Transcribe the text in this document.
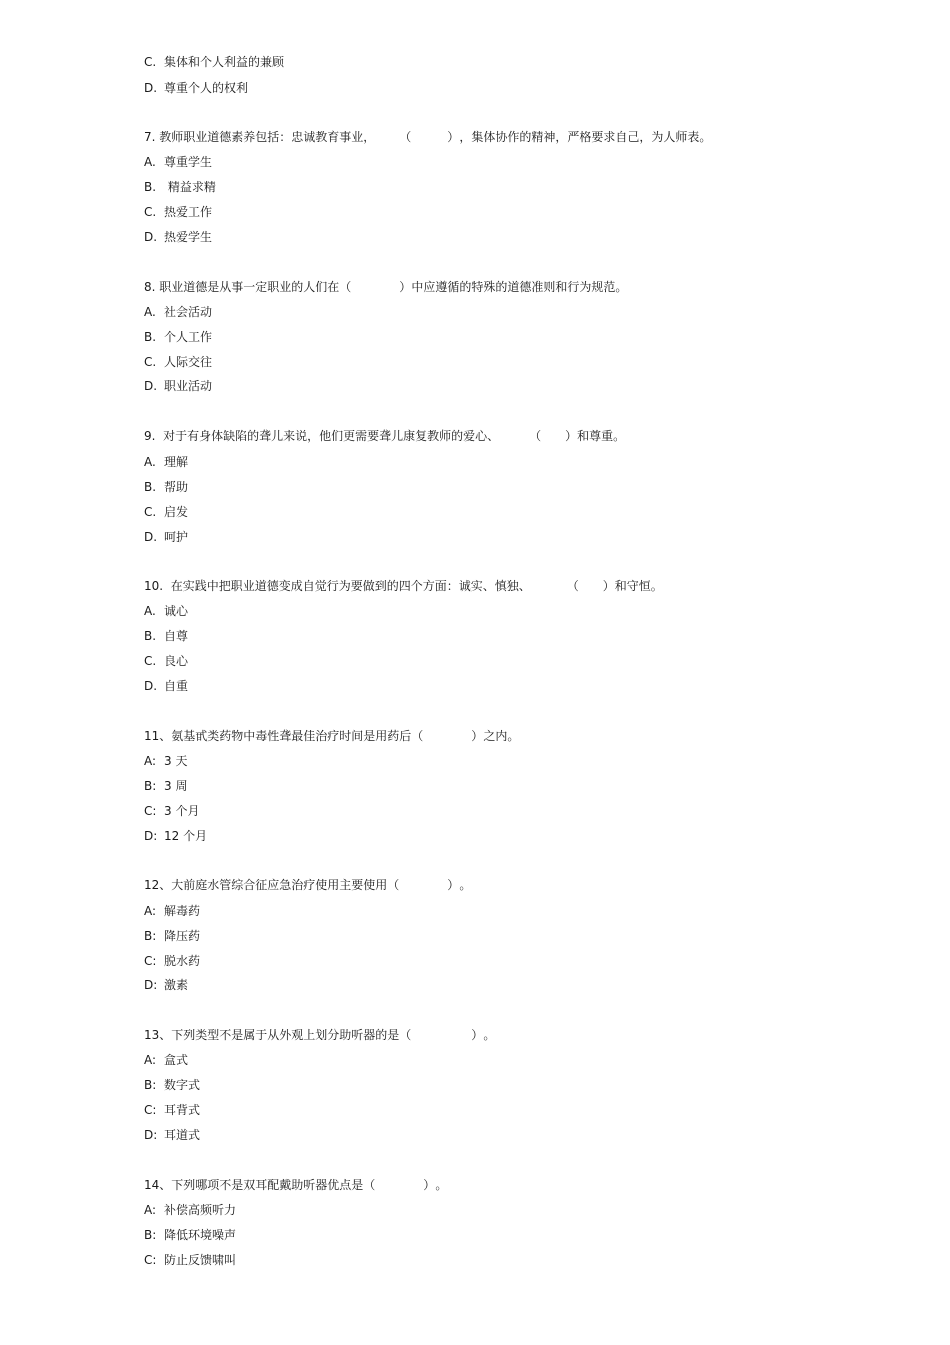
C. 集体和个人利益的兼顾
D. 尊重个人的权利
7. 教师职业道德素养包括：忠诚教育事业， （　　　），集体协作的精神，严格要求自己，为人师表。
A. 尊重学生
B. 精益求精
C. 热爱工作
D. 热爱学生
8. 职业道德是从事一定职业的人们在（　　　　）中应遵循的特殊的道德准则和行为规范。
A. 社会活动
B. 个人工作
C. 人际交往
D. 职业活动
9.  对于有身体缺陷的聋儿来说，他们更需要聋儿康复教师的爱心、	（　　）和尊重。
A. 理解
B. 帮助
C. 启发
D. 呵护
10.  在实践中把职业道德变成自觉行为要做到的四个方面：诚实、慎独、	（　　）和守恒。
A. 诚心
B. 自尊
C. 良心
D. 自重
11、氨基甙类药物中毒性聋最佳治疗时间是用药后（　　　　）之内。
A: 3 天
B: 3 周
C: 3 个月
D: 12 个月
12、大前庭水管综合征应急治疗使用主要使用（　　　　）。
A: 解毒药
B: 降压药
C: 脱水药
D: 激素
13、下列类型不是属于从外观上划分助听器的是（　　　　　）。
A: 盒式
B: 数字式
C: 耳背式
D: 耳道式
14、下列哪项不是双耳配戴助听器优点是（　　　　）。
A: 补偿高频听力
B: 降低环境噪声
C: 防止反馈啸叫
